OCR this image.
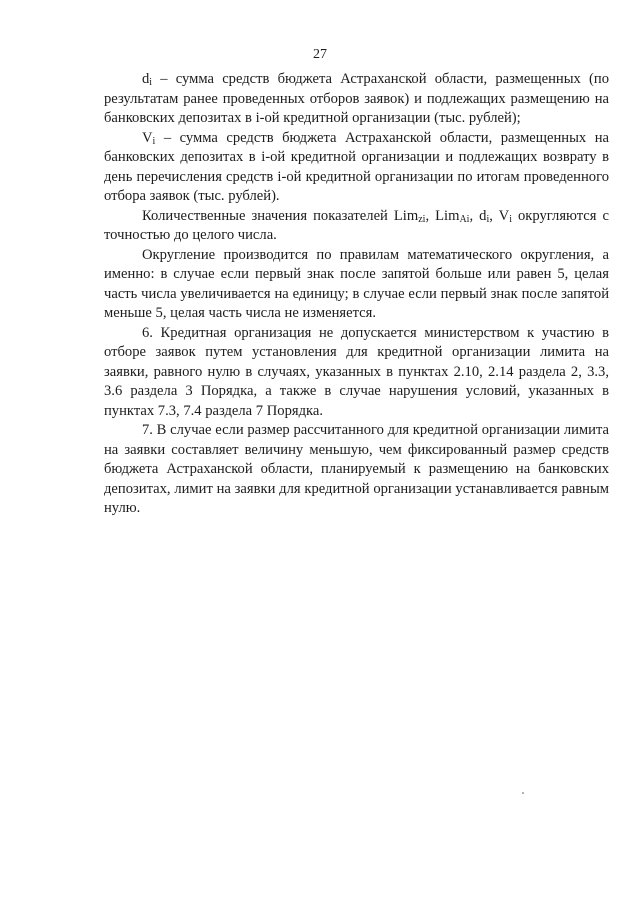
27

$d_i$ – сумма средств бюджета Астраханской области, размещенных (по результатам ранее проведенных отборов заявок) и подлежащих размещению на банковских депозитах в i-ой кредитной организации (тыс. рублей);

$V_i$ – сумма средств бюджета Астраханской области, размещенных на банковских депозитах в i-ой кредитной организации и подлежащих возврату в день перечисления средств i-ой кредитной организации по итогам проведенного отбора заявок (тыс. рублей).

Количественные значения показателей Lim$_{zi}$, Lim$_{Ai}$, $d_i$, $V_i$ округляются с точностью до целого числа.

Округление производится по правилам математического округления, а именно: в случае если первый знак после запятой больше или равен 5, целая часть числа увеличивается на единицу; в случае если первый знак после запятой меньше 5, целая часть числа не изменяется.

6. Кредитная организация не допускается министерством к участию в отборе заявок путем установления для кредитной организации лимита на заявки, равного нулю в случаях, указанных в пунктах 2.10, 2.14 раздела 2, 3.3, 3.6 раздела 3 Порядка, а также в случае нарушения условий, указанных в пунктах 7.3, 7.4 раздела 7 Порядка.

7. В случае если размер рассчитанного для кредитной организации лимита на заявки составляет величину меньшую, чем фиксированный размер средств бюджета Астраханской области, планируемый к размещению на банковских депозитах, лимит на заявки для кредитной организации устанавливается равным нулю.
